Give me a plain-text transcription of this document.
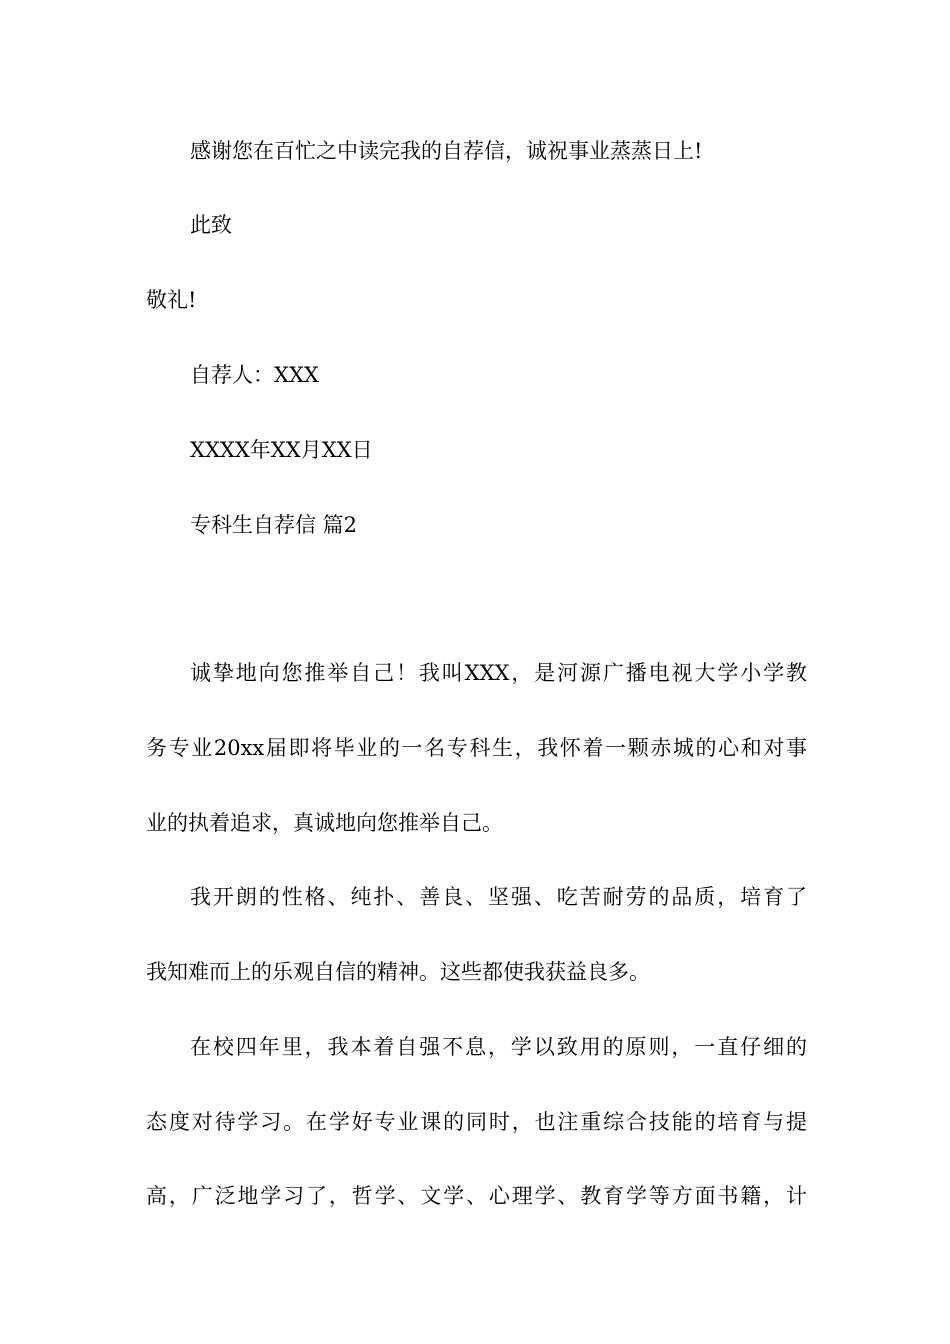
感谢您在百忙之中读完我的自荐信，诚祝事业蒸蒸日上!
此致
敬礼!
自荐人：XXX
XXXX年XX月XX日
专科生自荐信 篇2
诚挚地向您推举自己！我叫XXX，是河源广播电视大学小学教
务专业20xx届即将毕业的一名专科生，我怀着一颗赤城的心和对事
业的执着追求，真诚地向您推举自己。
我开朗的性格、纯扑、善良、坚强、吃苦耐劳的品质，培育了
我知难而上的乐观自信的精神。这些都使我获益良多。
在校四年里，我本着自强不息，学以致用的原则，一直仔细的
态度对待学习。在学好专业课的同时，也注重综合技能的培育与提
高，广泛地学习了，哲学、文学、心理学、教育学等方面书籍，计
